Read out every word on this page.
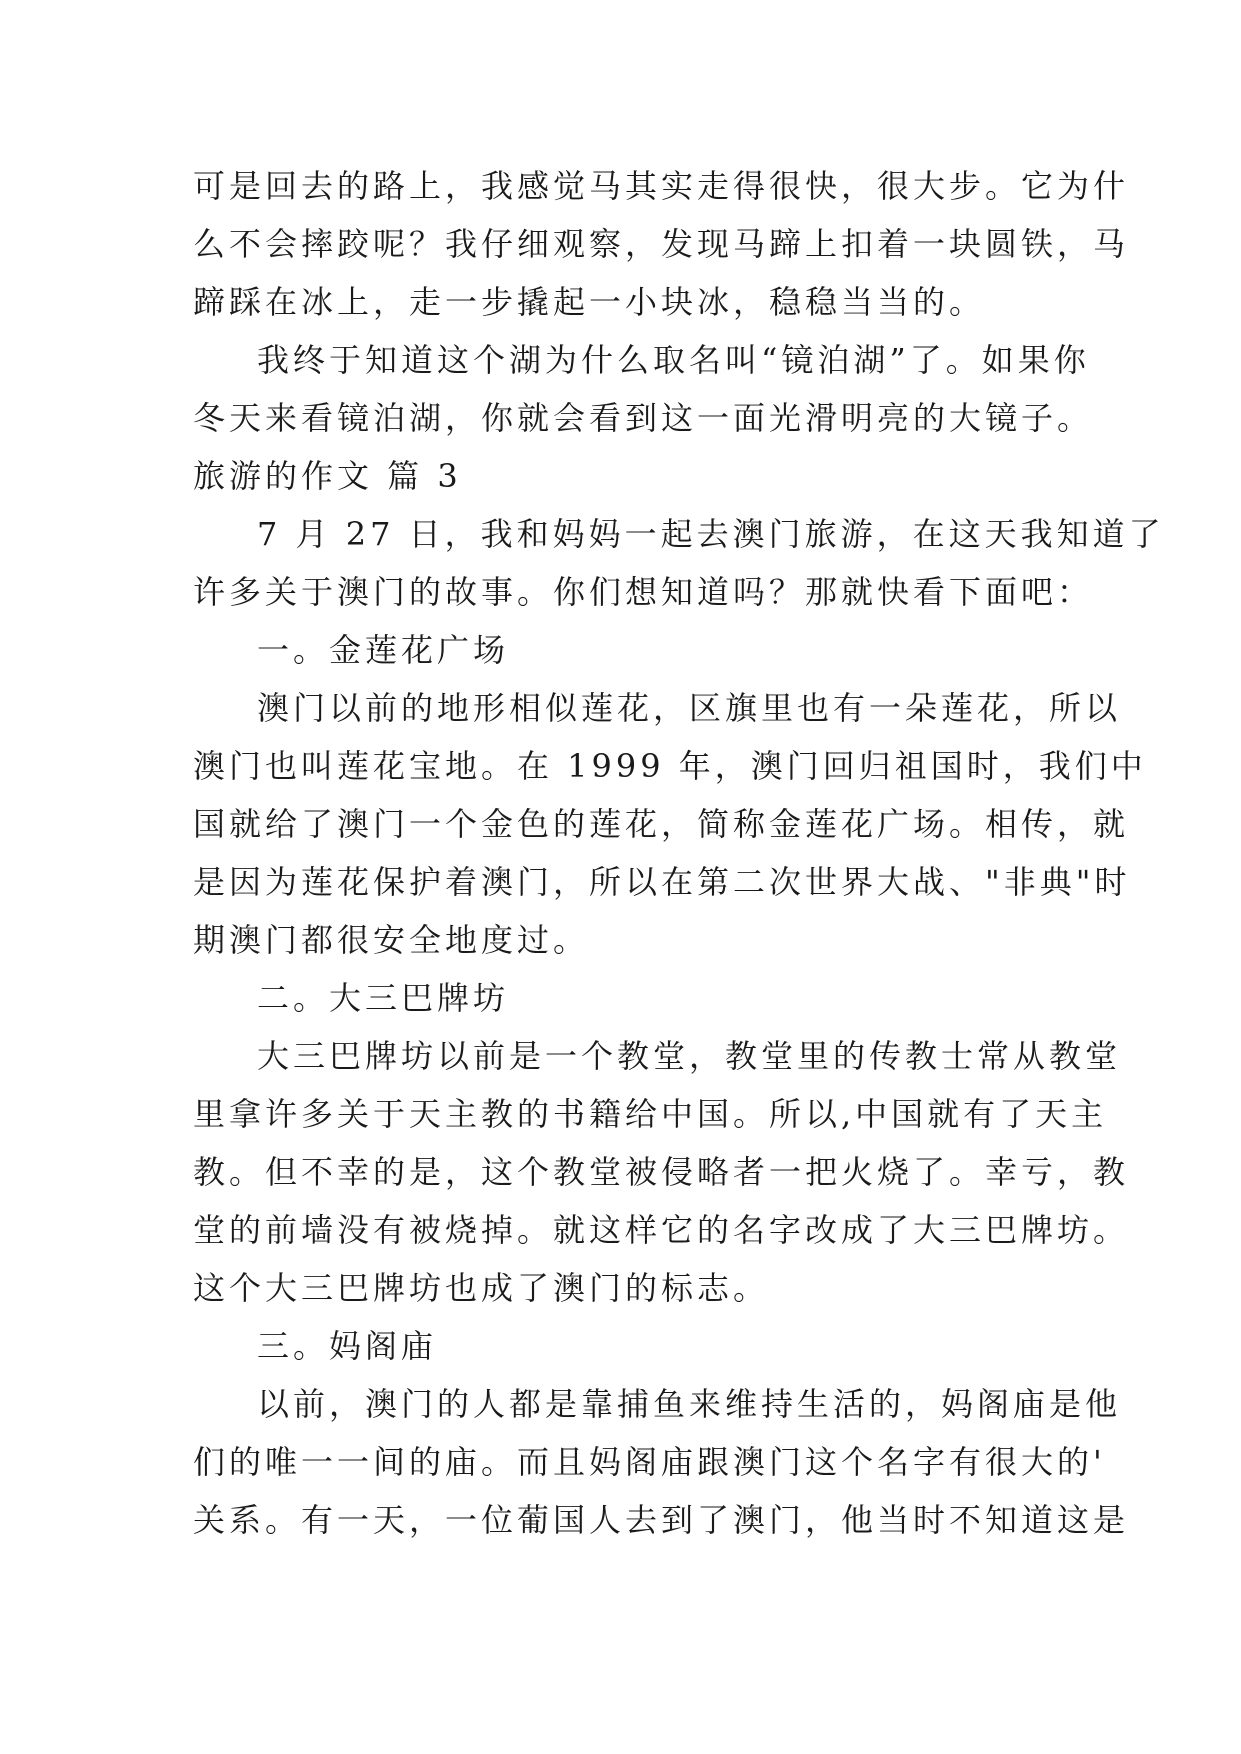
可是回去的路上，我感觉马其实走得很快，很大步。它为什
么不会摔跤呢？我仔细观察，发现马蹄上扣着一块圆铁，马
蹄踩在冰上，走一步撬起一小块冰，稳稳当当的。
我终于知道这个湖为什么取名叫“镜泊湖”了。如果你
冬天来看镜泊湖，你就会看到这一面光滑明亮的大镜子。
旅游的作文 篇 3
7 月 27 日，我和妈妈一起去澳门旅游，在这天我知道了
许多关于澳门的故事。你们想知道吗？那就快看下面吧：
一。金莲花广场
澳门以前的地形相似莲花，区旗里也有一朵莲花，所以
澳门也叫莲花宝地。在 1999 年，澳门回归祖国时，我们中
国就给了澳门一个金色的莲花，简称金莲花广场。相传，就
是因为莲花保护着澳门，所以在第二次世界大战、"非典"时
期澳门都很安全地度过。
二。大三巴牌坊
大三巴牌坊以前是一个教堂，教堂里的传教士常从教堂
里拿许多关于天主教的书籍给中国。所以,中国就有了天主
教。但不幸的是，这个教堂被侵略者一把火烧了。幸亏，教
堂的前墙没有被烧掉。就这样它的名字改成了大三巴牌坊。
这个大三巴牌坊也成了澳门的标志。
三。妈阁庙
以前，澳门的人都是靠捕鱼来维持生活的，妈阁庙是他
们的唯一一间的庙。而且妈阁庙跟澳门这个名字有很大的'
关系。有一天，一位葡国人去到了澳门，他当时不知道这是
